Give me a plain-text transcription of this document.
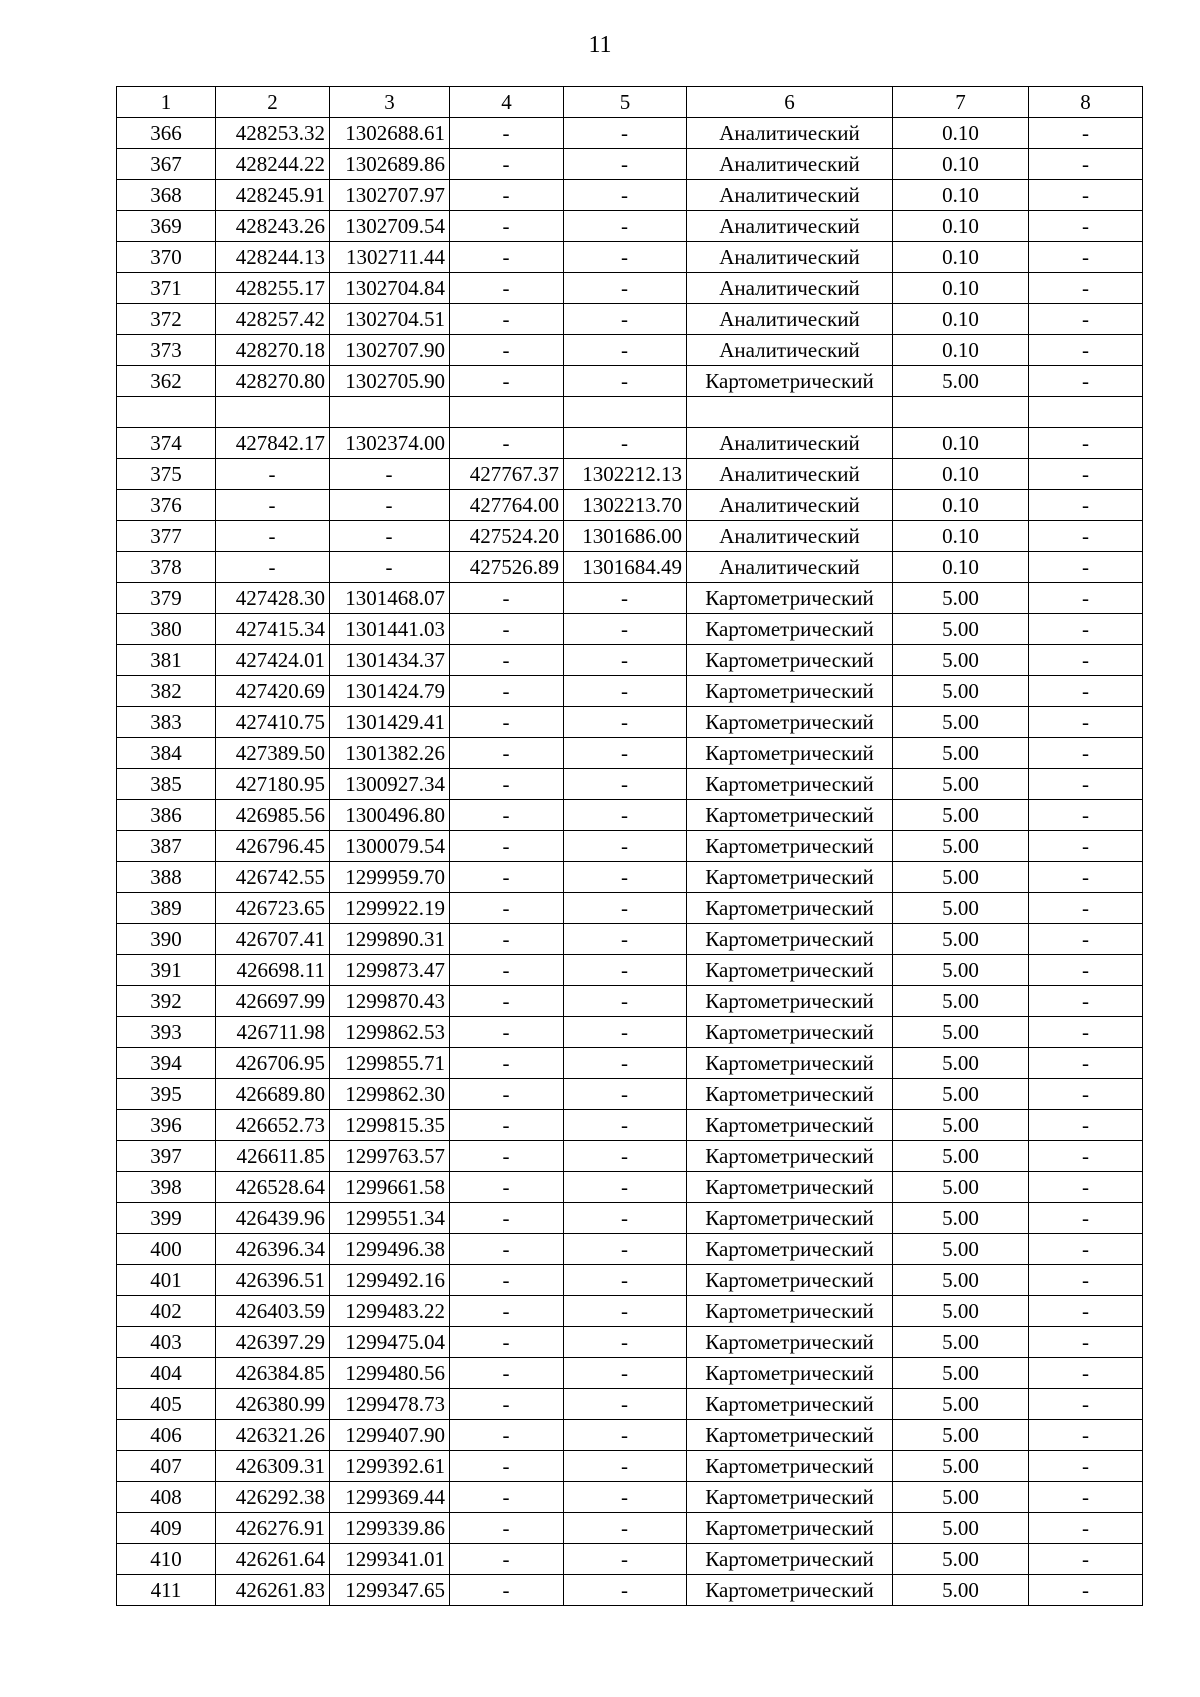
11
1	2	3	4	5	6	7	8
366	428253.32	1302688.61	-	-	Аналитический	0.10	-
367	428244.22	1302689.86	-	-	Аналитический	0.10	-
368	428245.91	1302707.97	-	-	Аналитический	0.10	-
369	428243.26	1302709.54	-	-	Аналитический	0.10	-
370	428244.13	1302711.44	-	-	Аналитический	0.10	-
371	428255.17	1302704.84	-	-	Аналитический	0.10	-
372	428257.42	1302704.51	-	-	Аналитический	0.10	-
373	428270.18	1302707.90	-	-	Аналитический	0.10	-
362	428270.80	1302705.90	-	-	Картометрический	5.00	-

374	427842.17	1302374.00	-	-	Аналитический	0.10	-
375	-	-	427767.37	1302212.13	Аналитический	0.10	-
376	-	-	427764.00	1302213.70	Аналитический	0.10	-
377	-	-	427524.20	1301686.00	Аналитический	0.10	-
378	-	-	427526.89	1301684.49	Аналитический	0.10	-
379	427428.30	1301468.07	-	-	Картометрический	5.00	-
380	427415.34	1301441.03	-	-	Картометрический	5.00	-
381	427424.01	1301434.37	-	-	Картометрический	5.00	-
382	427420.69	1301424.79	-	-	Картометрический	5.00	-
383	427410.75	1301429.41	-	-	Картометрический	5.00	-
384	427389.50	1301382.26	-	-	Картометрический	5.00	-
385	427180.95	1300927.34	-	-	Картометрический	5.00	-
386	426985.56	1300496.80	-	-	Картометрический	5.00	-
387	426796.45	1300079.54	-	-	Картометрический	5.00	-
388	426742.55	1299959.70	-	-	Картометрический	5.00	-
389	426723.65	1299922.19	-	-	Картометрический	5.00	-
390	426707.41	1299890.31	-	-	Картометрический	5.00	-
391	426698.11	1299873.47	-	-	Картометрический	5.00	-
392	426697.99	1299870.43	-	-	Картометрический	5.00	-
393	426711.98	1299862.53	-	-	Картометрический	5.00	-
394	426706.95	1299855.71	-	-	Картометрический	5.00	-
395	426689.80	1299862.30	-	-	Картометрический	5.00	-
396	426652.73	1299815.35	-	-	Картометрический	5.00	-
397	426611.85	1299763.57	-	-	Картометрический	5.00	-
398	426528.64	1299661.58	-	-	Картометрический	5.00	-
399	426439.96	1299551.34	-	-	Картометрический	5.00	-
400	426396.34	1299496.38	-	-	Картометрический	5.00	-
401	426396.51	1299492.16	-	-	Картометрический	5.00	-
402	426403.59	1299483.22	-	-	Картометрический	5.00	-
403	426397.29	1299475.04	-	-	Картометрический	5.00	-
404	426384.85	1299480.56	-	-	Картометрический	5.00	-
405	426380.99	1299478.73	-	-	Картометрический	5.00	-
406	426321.26	1299407.90	-	-	Картометрический	5.00	-
407	426309.31	1299392.61	-	-	Картометрический	5.00	-
408	426292.38	1299369.44	-	-	Картометрический	5.00	-
409	426276.91	1299339.86	-	-	Картометрический	5.00	-
410	426261.64	1299341.01	-	-	Картометрический	5.00	-
411	426261.83	1299347.65	-	-	Картометрический	5.00	-
